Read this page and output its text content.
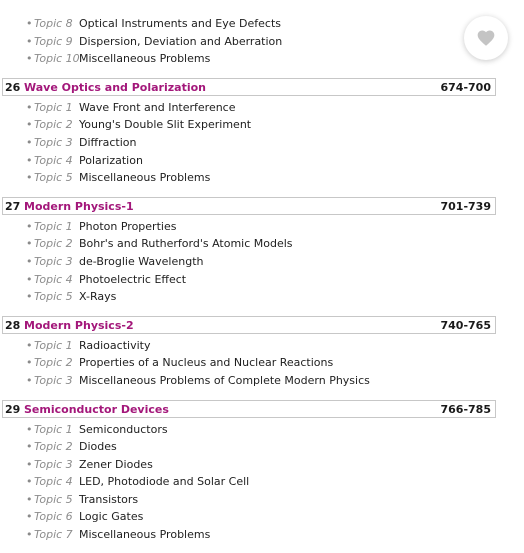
• Topic 8 Optical Instruments and Eye Defects
• Topic 9 Dispersion, Deviation and Aberration
• Topic 10 Miscellaneous Problems
26 Wave Optics and Polarization	674-700
• Topic 1 Wave Front and Interference
• Topic 2 Young's Double Slit Experiment
• Topic 3 Diffraction
• Topic 4 Polarization
• Topic 5 Miscellaneous Problems
27 Modern Physics-1	701-739
• Topic 1 Photon Properties
• Topic 2 Bohr's and Rutherford's Atomic Models
• Topic 3 de-Broglie Wavelength
• Topic 4 Photoelectric Effect
• Topic 5 X-Rays
28 Modern Physics-2	740-765
• Topic 1 Radioactivity
• Topic 2 Properties of a Nucleus and Nuclear Reactions
• Topic 3 Miscellaneous Problems of Complete Modern Physics
29 Semiconductor Devices	766-785
• Topic 1 Semiconductors
• Topic 2 Diodes
• Topic 3 Zener Diodes
• Topic 4 LED, Photodiode and Solar Cell
• Topic 5 Transistors
• Topic 6 Logic Gates
• Topic 7 Miscellaneous Problems
